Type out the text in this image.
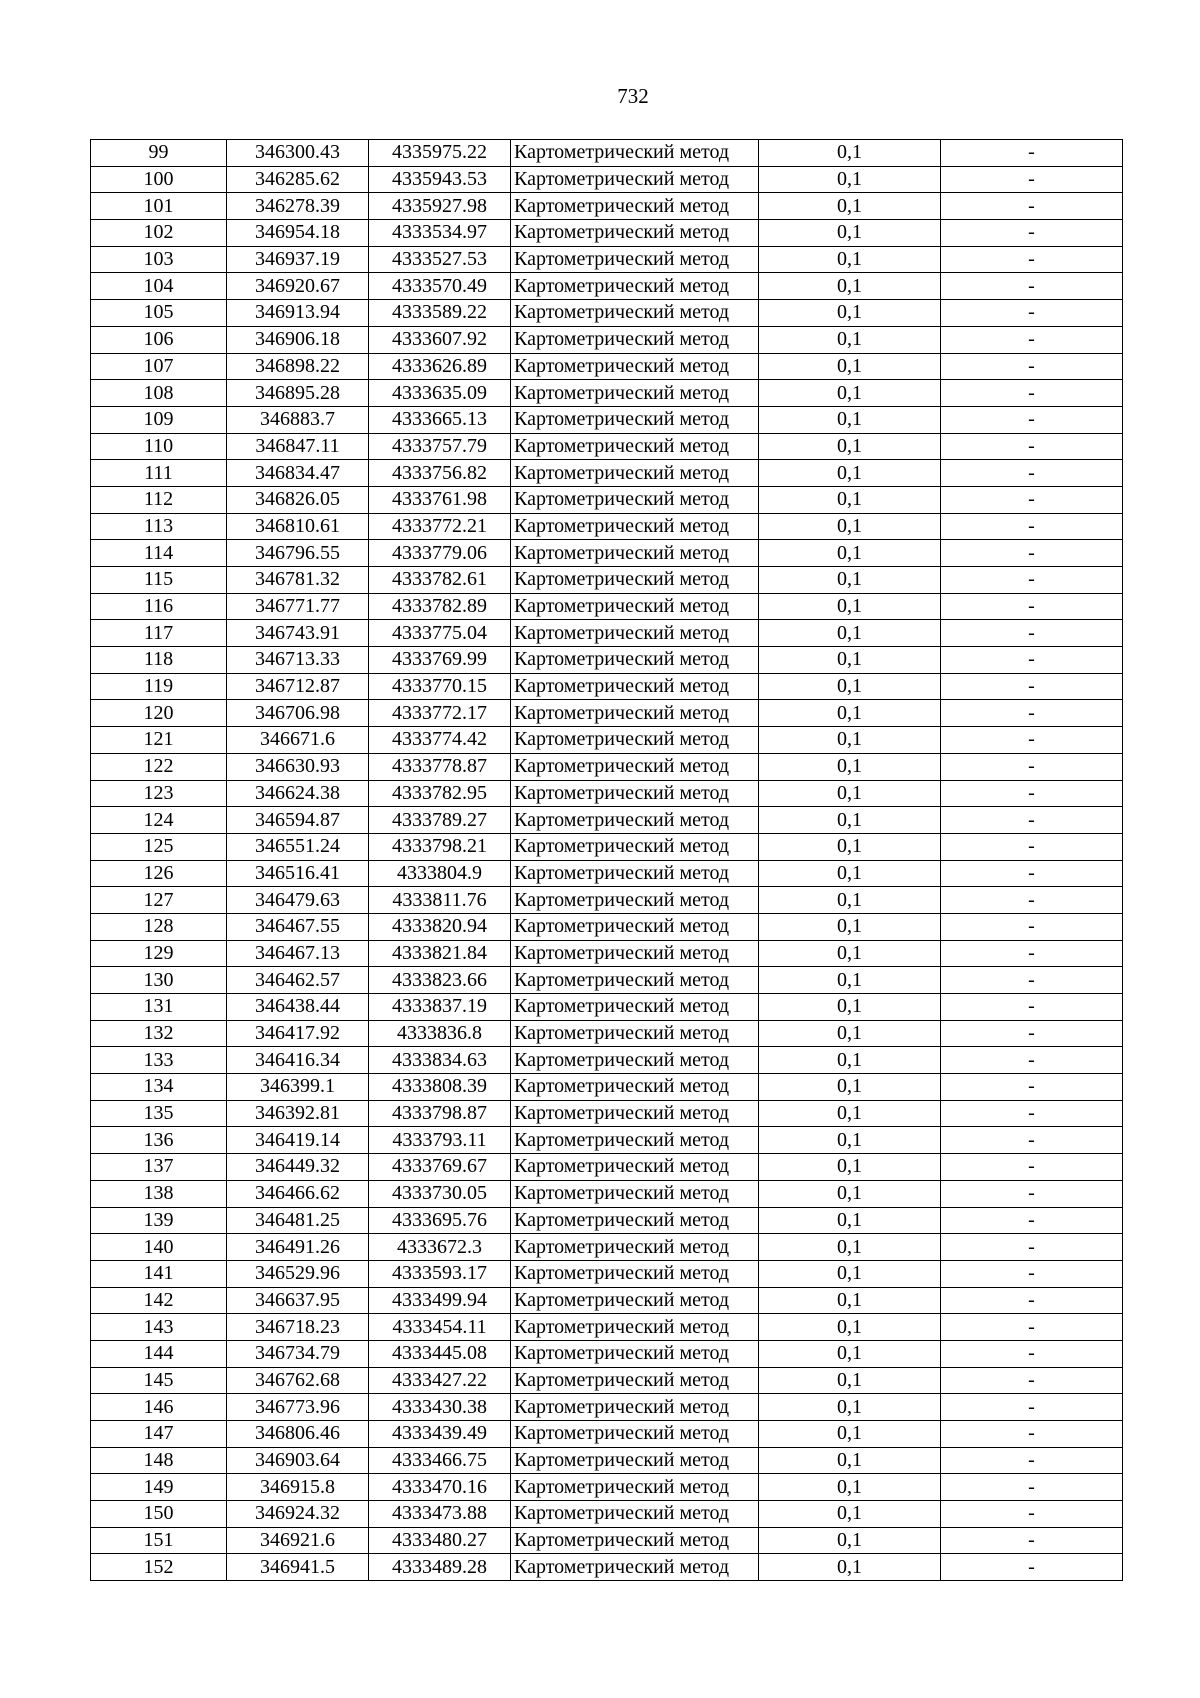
732
99	346300.43	4335975.22	Картометрический метод	0,1	-
100	346285.62	4335943.53	Картометрический метод	0,1	-
101	346278.39	4335927.98	Картометрический метод	0,1	-
102	346954.18	4333534.97	Картометрический метод	0,1	-
103	346937.19	4333527.53	Картометрический метод	0,1	-
104	346920.67	4333570.49	Картометрический метод	0,1	-
105	346913.94	4333589.22	Картометрический метод	0,1	-
106	346906.18	4333607.92	Картометрический метод	0,1	-
107	346898.22	4333626.89	Картометрический метод	0,1	-
108	346895.28	4333635.09	Картометрический метод	0,1	-
109	346883.7	4333665.13	Картометрический метод	0,1	-
110	346847.11	4333757.79	Картометрический метод	0,1	-
111	346834.47	4333756.82	Картометрический метод	0,1	-
112	346826.05	4333761.98	Картометрический метод	0,1	-
113	346810.61	4333772.21	Картометрический метод	0,1	-
114	346796.55	4333779.06	Картометрический метод	0,1	-
115	346781.32	4333782.61	Картометрический метод	0,1	-
116	346771.77	4333782.89	Картометрический метод	0,1	-
117	346743.91	4333775.04	Картометрический метод	0,1	-
118	346713.33	4333769.99	Картометрический метод	0,1	-
119	346712.87	4333770.15	Картометрический метод	0,1	-
120	346706.98	4333772.17	Картометрический метод	0,1	-
121	346671.6	4333774.42	Картометрический метод	0,1	-
122	346630.93	4333778.87	Картометрический метод	0,1	-
123	346624.38	4333782.95	Картометрический метод	0,1	-
124	346594.87	4333789.27	Картометрический метод	0,1	-
125	346551.24	4333798.21	Картометрический метод	0,1	-
126	346516.41	4333804.9	Картометрический метод	0,1	-
127	346479.63	4333811.76	Картометрический метод	0,1	-
128	346467.55	4333820.94	Картометрический метод	0,1	-
129	346467.13	4333821.84	Картометрический метод	0,1	-
130	346462.57	4333823.66	Картометрический метод	0,1	-
131	346438.44	4333837.19	Картометрический метод	0,1	-
132	346417.92	4333836.8	Картометрический метод	0,1	-
133	346416.34	4333834.63	Картометрический метод	0,1	-
134	346399.1	4333808.39	Картометрический метод	0,1	-
135	346392.81	4333798.87	Картометрический метод	0,1	-
136	346419.14	4333793.11	Картометрический метод	0,1	-
137	346449.32	4333769.67	Картометрический метод	0,1	-
138	346466.62	4333730.05	Картометрический метод	0,1	-
139	346481.25	4333695.76	Картометрический метод	0,1	-
140	346491.26	4333672.3	Картометрический метод	0,1	-
141	346529.96	4333593.17	Картометрический метод	0,1	-
142	346637.95	4333499.94	Картометрический метод	0,1	-
143	346718.23	4333454.11	Картометрический метод	0,1	-
144	346734.79	4333445.08	Картометрический метод	0,1	-
145	346762.68	4333427.22	Картометрический метод	0,1	-
146	346773.96	4333430.38	Картометрический метод	0,1	-
147	346806.46	4333439.49	Картометрический метод	0,1	-
148	346903.64	4333466.75	Картометрический метод	0,1	-
149	346915.8	4333470.16	Картометрический метод	0,1	-
150	346924.32	4333473.88	Картометрический метод	0,1	-
151	346921.6	4333480.27	Картометрический метод	0,1	-
152	346941.5	4333489.28	Картометрический метод	0,1	-
